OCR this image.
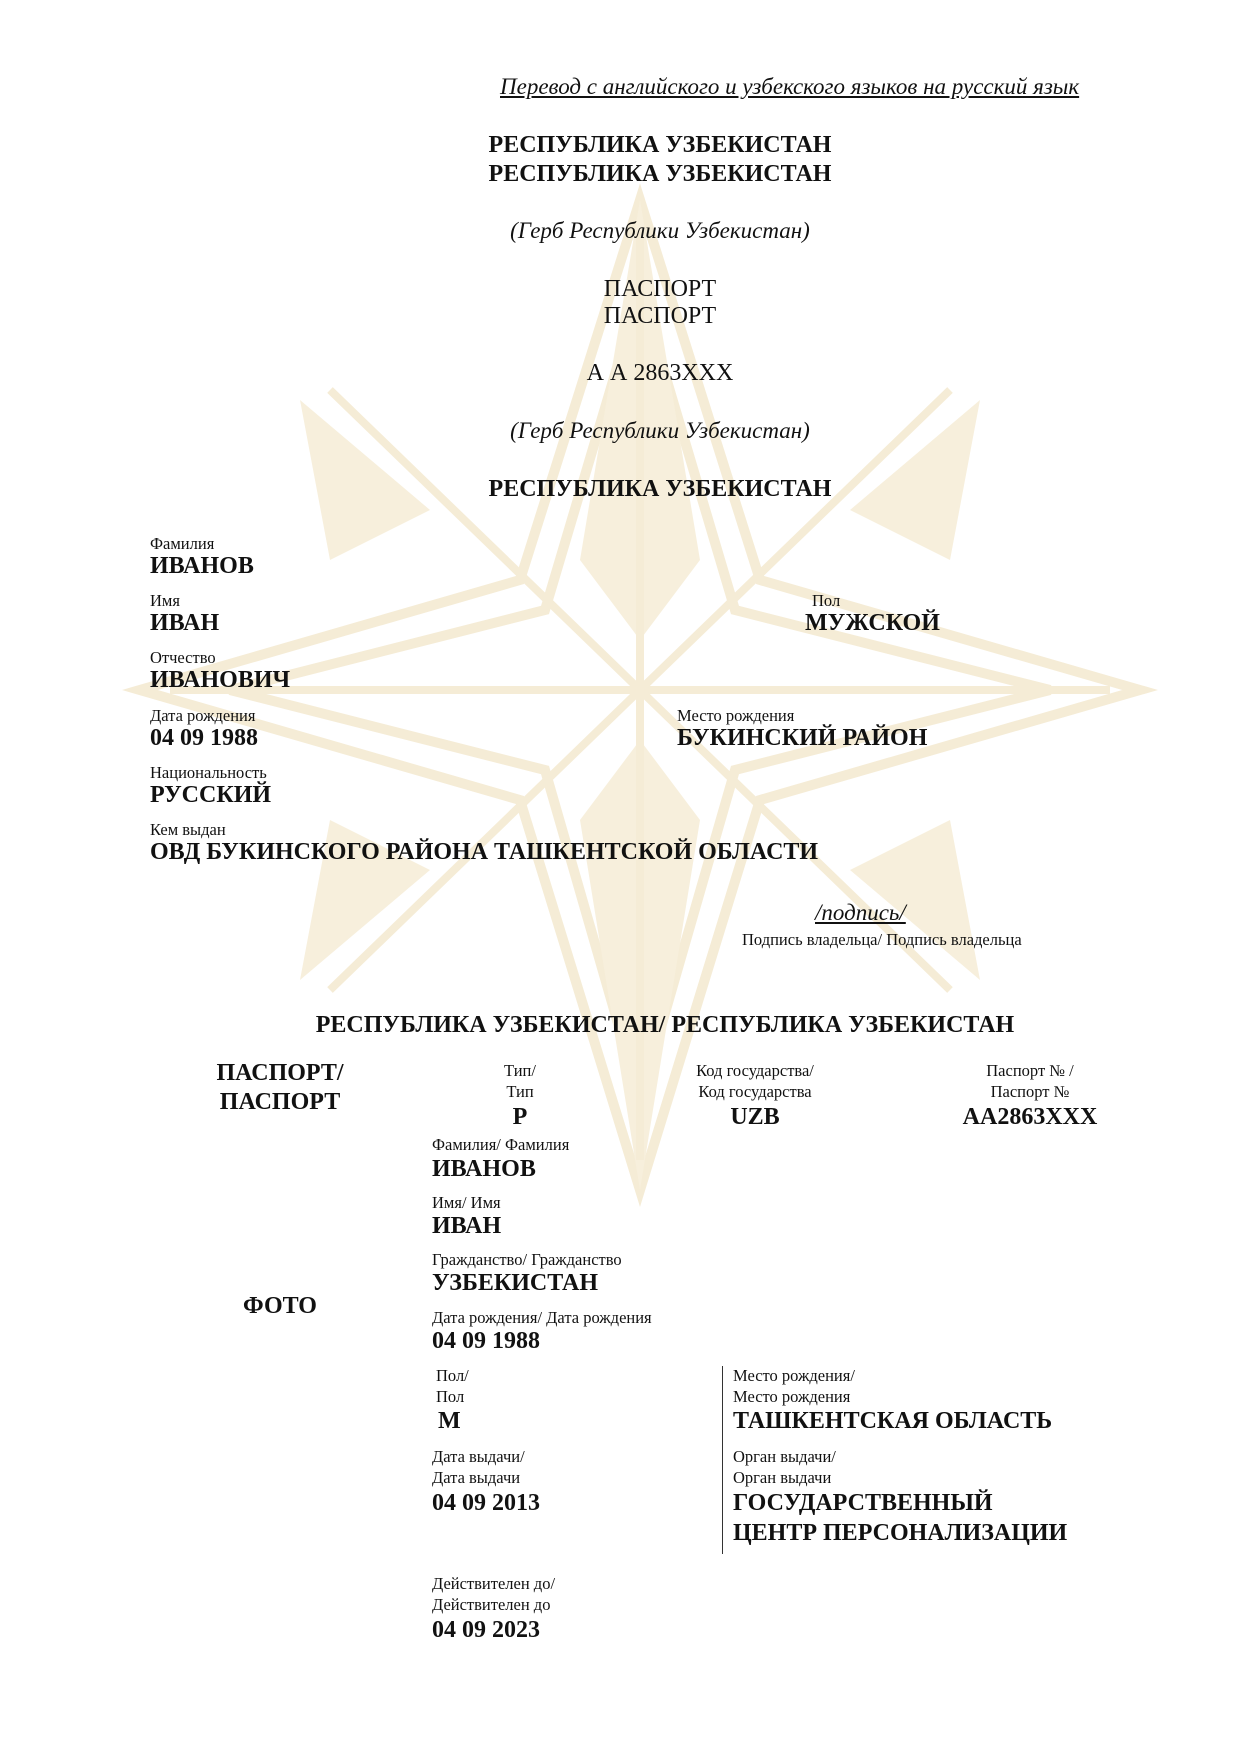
Перевод с английского и узбекского языков на русский язык
РЕСПУБЛИКА УЗБЕКИСТАН
РЕСПУБЛИКА УЗБЕКИСТАН
(Герб Республики Узбекистан)
ПАСПОРТ
ПАСПОРТ
А А 2863ХХХ
(Герб Республики Узбекистан)
РЕСПУБЛИКА УЗБЕКИСТАН
Фамилия
ИВАНОВ
Имя
ИВАН
Пол
МУЖСКОЙ
Отчество
ИВАНОВИЧ
Дата рождения
04 09 1988
Место рождения
БУКИНСКИЙ РАЙОН
Национальность
РУССКИЙ
Кем выдан
ОВД БУКИНСКОГО РАЙОНА ТАШКЕНТСКОЙ ОБЛАСТИ
/подпись/
Подпись владельца/ Подпись владельца
РЕСПУБЛИКА УЗБЕКИСТАН/ РЕСПУБЛИКА УЗБЕКИСТАН
ПАСПОРТ/
ПАСПОРТ
Тип/
Тип
P
Код государства/
Код государства
UZB
Паспорт № /
Паспорт №
АА2863ХХХ
ФОТО
Фамилия/ Фамилия
ИВАНОВ
Имя/ Имя
ИВАН
Гражданство/ Гражданство
УЗБЕКИСТАН
Дата рождения/ Дата рождения
04 09 1988
Пол/
Пол
М
Место рождения/
Место рождения
ТАШКЕНТСКАЯ ОБЛАСТЬ
Дата выдачи/
Дата выдачи
04 09 2013
Орган выдачи/
Орган выдачи
ГОСУДАРСТВЕННЫЙ
ЦЕНТР ПЕРСОНАЛИЗАЦИИ
Действителен до/
Действителен до
04 09 2023
